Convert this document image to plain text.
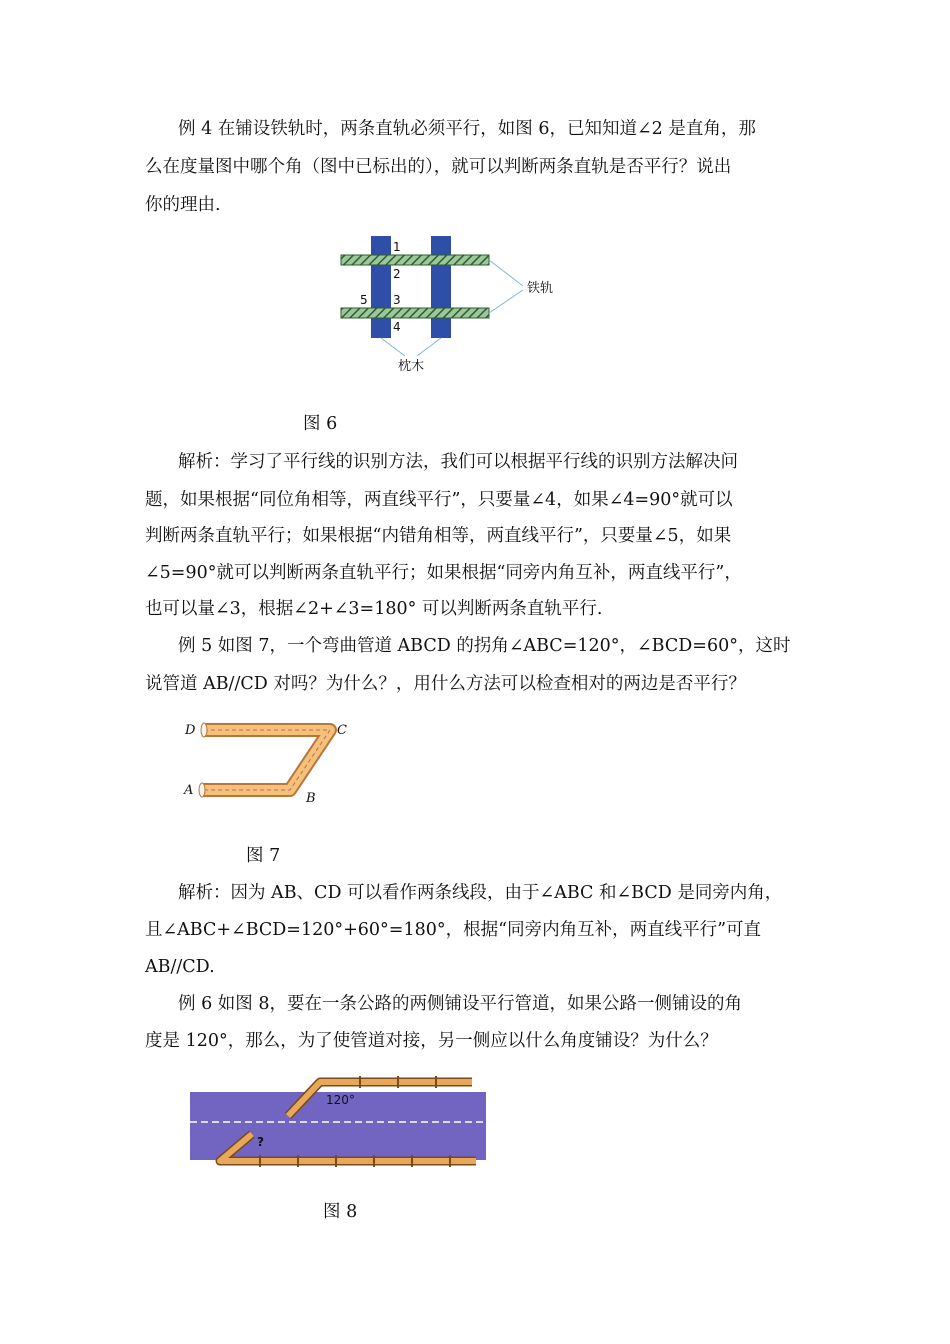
例 4 在铺设铁轨时，两条直轨必须平行，如图 6，已知知道∠2 是直角，那
么在度量图中哪个角（图中已标出的），就可以判断两条直轨是否平行？说出
你的理由.
1
2
5 3
4
铁轨
枕木
图 6
解析：学习了平行线的识别方法，我们可以根据平行线的识别方法解决问
题，如果根据“同位角相等，两直线平行”，只要量∠4，如果∠4=90°就可以
判断两条直轨平行；如果根据“内错角相等，两直线平行”，只要量∠5，如果
∠5=90°就可以判断两条直轨平行；如果根据“同旁内角互补，两直线平行”，
也可以量∠3，根据∠2+∠3=180° 可以判断两条直轨平行.
例 5 如图 7，一个弯曲管道 ABCD 的拐角∠ABC=120°，∠BCD=60°，这时
说管道 AB//CD 对吗？为什么？，用什么方法可以检查相对的两边是否平行？
D	C
A
B
图 7
解析：因为 AB、CD 可以看作两条线段，由于∠ABC 和∠BCD 是同旁内角，
且∠ABC+∠BCD=120°+60°=180°，根据“同旁内角互补，两直线平行”可直
AB//CD.
例 6 如图 8，要在一条公路的两侧铺设平行管道，如果公路一侧铺设的角
度是 120°，那么，为了使管道对接，另一侧应以什么角度铺设？为什么？
120°
?
图 8
